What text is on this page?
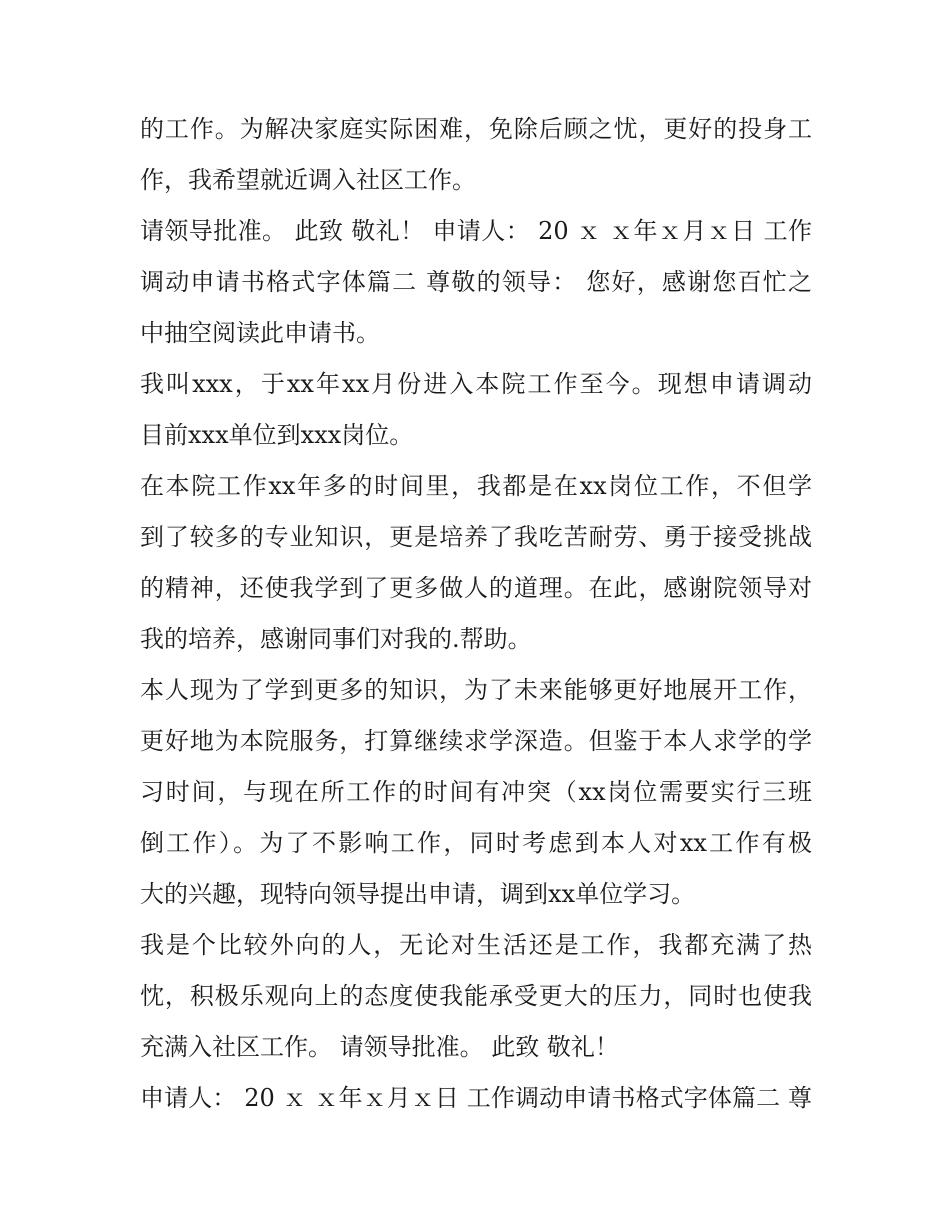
的工作。为解决家庭实际困难，免除后顾之忧，更好的投身工
作，我希望就近调入社区工作。
请领导批准。 此致 敬礼！ 申请人： 20 ｘ ｘ年ｘ月ｘ日 工作
调动申请书格式字体篇二 尊敬的领导： 您好，感谢您百忙之
中抽空阅读此申请书。
我叫xxx，于xx年xx月份进入本院工作至今。现想申请调动
目前xxx单位到xxx岗位。
在本院工作xx年多的时间里，我都是在xx岗位工作，不但学
到了较多的专业知识，更是培养了我吃苦耐劳、勇于接受挑战
的精神，还使我学到了更多做人的道理。在此，感谢院领导对
我的培养，感谢同事们对我的.帮助。
本人现为了学到更多的知识，为了未来能够更好地展开工作，
更好地为本院服务，打算继续求学深造。但鉴于本人求学的学
习时间，与现在所工作的时间有冲突（xx岗位需要实行三班
倒工作）。为了不影响工作，同时考虑到本人对xx工作有极
大的兴趣，现特向领导提出申请，调到xx单位学习。
我是个比较外向的人，无论对生活还是工作，我都充满了热
忱，积极乐观向上的态度使我能承受更大的压力，同时也使我
充满入社区工作。 请领导批准。 此致 敬礼！
申请人： 20 ｘ ｘ年ｘ月ｘ日 工作调动申请书格式字体篇二 尊
